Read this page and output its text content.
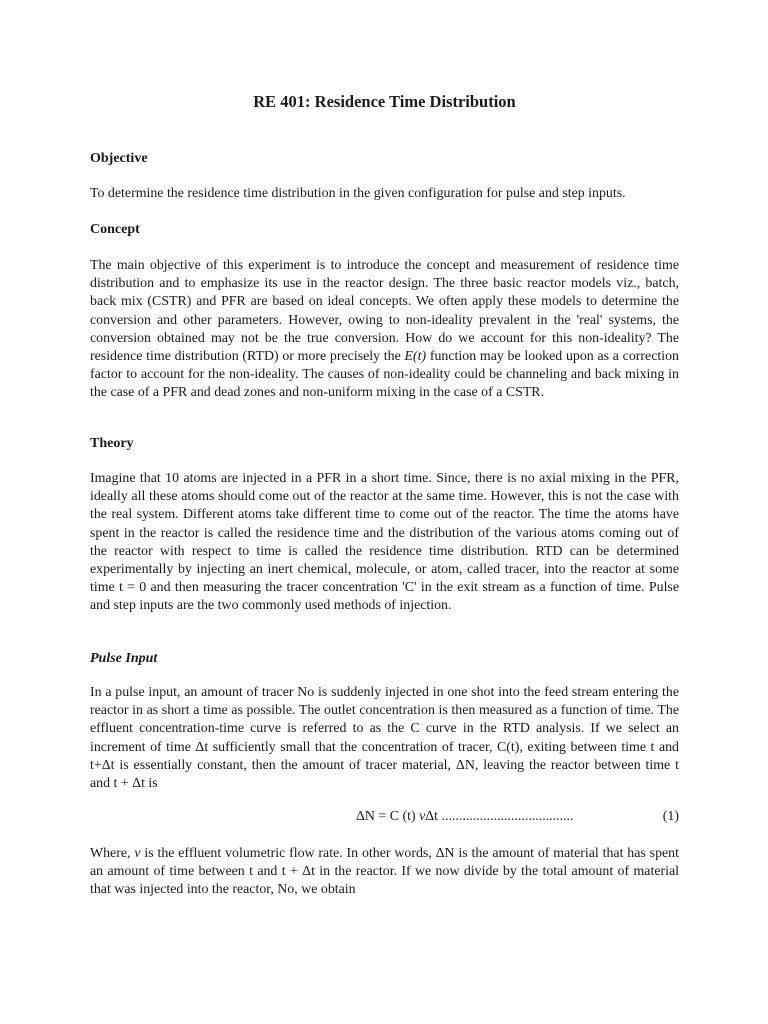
RE 401: Residence Time Distribution
Objective

To determine the residence time distribution in the given configuration for pulse and step inputs.

Concept

The main objective of this experiment is to introduce the concept and measurement of residence time distribution and to emphasize its use in the reactor design. The three basic reactor models viz., batch, back mix (CSTR) and PFR are based on ideal concepts. We often apply these models to determine the conversion and other parameters. However, owing to non-ideality prevalent in the 'real' systems, the conversion obtained may not be the true conversion. How do we account for this non-ideality? The residence time distribution (RTD) or more precisely the E(t) function may be looked upon as a correction factor to account for the non-ideality. The causes of non-ideality could be channeling and back mixing in the case of a PFR and dead zones and non-uniform mixing in the case of a CSTR.

Theory

Imagine that 10 atoms are injected in a PFR in a short time. Since, there is no axial mixing in the PFR, ideally all these atoms should come out of the reactor at the same time. However, this is not the case with the real system. Different atoms take different time to come out of the reactor. The time the atoms have spent in the reactor is called the residence time and the distribution of the various atoms coming out of the reactor with respect to time is called the residence time distribution. RTD can be determined experimentally by injecting an inert chemical, molecule, or atom, called tracer, into the reactor at some time t = 0 and then measuring the tracer concentration 'C' in the exit stream as a function of time. Pulse and step inputs are the two commonly used methods of injection.

Pulse Input

In a pulse input, an amount of tracer No is suddenly injected in one shot into the feed stream entering the reactor in as short a time as possible. The outlet concentration is then measured as a function of time. The effluent concentration-time curve is referred to as the C curve in the RTD analysis. If we select an increment of time Δt sufficiently small that the concentration of tracer, C(t), exiting between time t and t+Δt is essentially constant, then the amount of tracer material, ΔN, leaving the reactor between time t and t + Δt is

ΔN = C (t) vΔt ......................................	(1)

Where, v is the effluent volumetric flow rate. In other words, ΔN is the amount of material that has spent an amount of time between t and t + Δt in the reactor. If we now divide by the total amount of material that was injected into the reactor, No, we obtain
